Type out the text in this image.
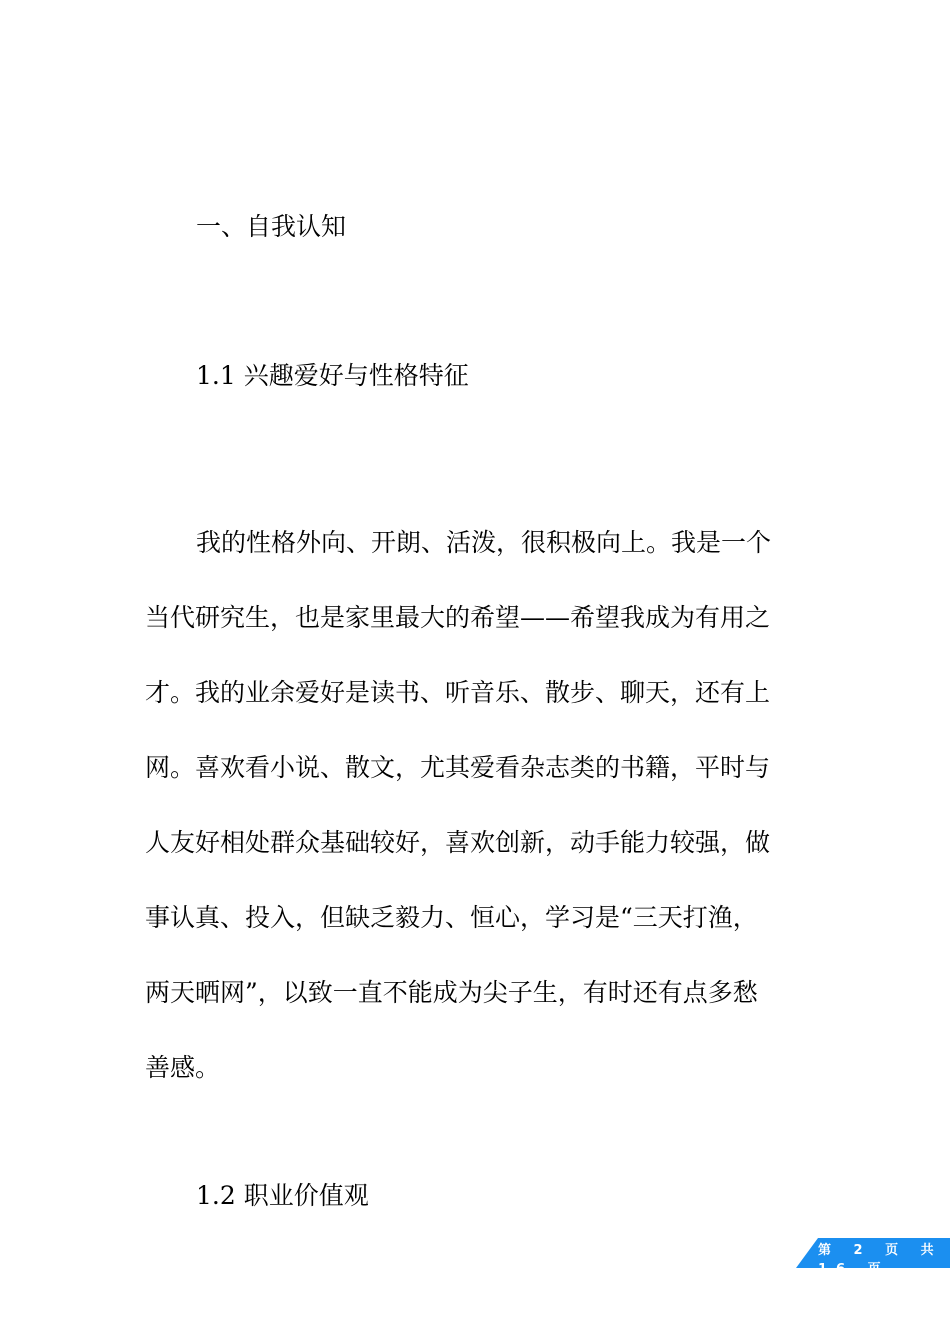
一、自我认知
1.1 兴趣爱好与性格特征

我的性格外向、开朗、活泼，很积极向上。我是一个
当代研究生，也是家里最大的希望——希望我成为有用之
才。我的业余爱好是读书、听音乐、散步、聊天，还有上
网。喜欢看小说、散文，尤其爱看杂志类的书籍，平时与
人友好相处群众基础较好，喜欢创新，动手能力较强，做
事认真、投入，但缺乏毅力、恒心，学习是“三天打渔，
两天晒网”，以致一直不能成为尖子生，有时还有点多愁
善感。

1.2 职业价值观
第 2 页 共
16 页
